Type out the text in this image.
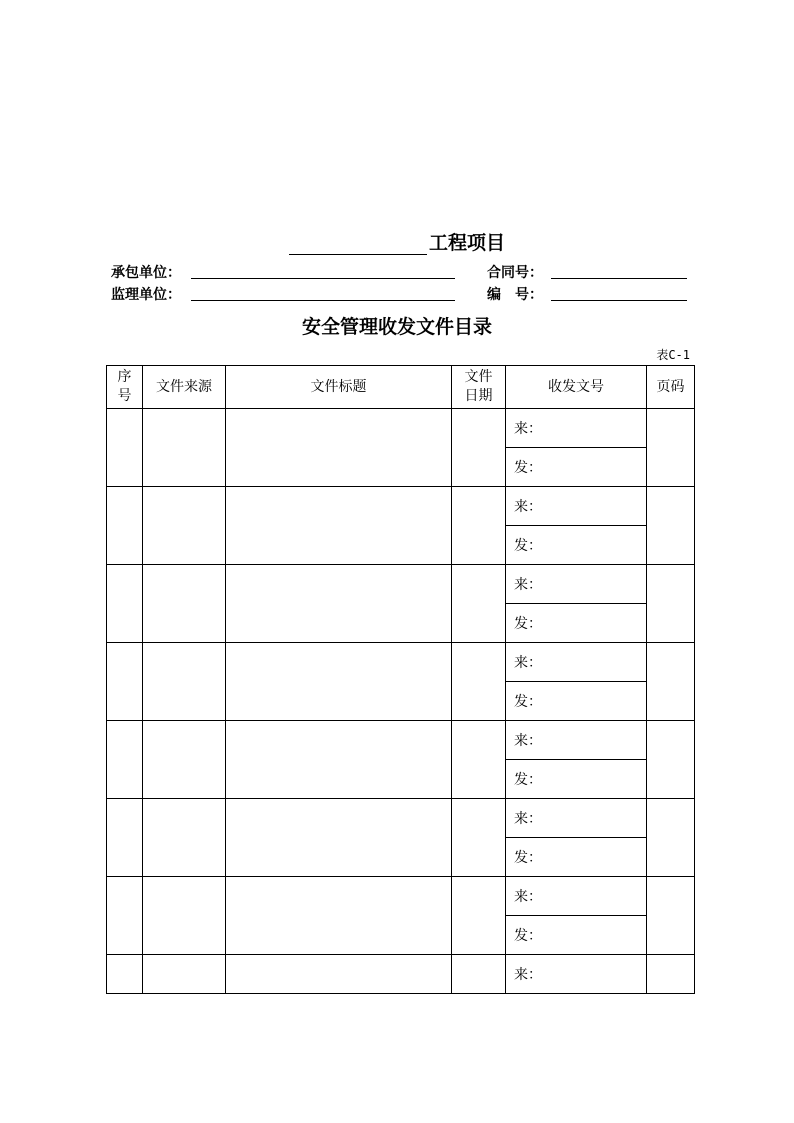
工程项目
承包单位：	合同号：
监理单位：	编　号：
安全管理收发文件目录
表C-1
序号	文件来源	文件标题	文件日期	收发文号	页码
				来：	
				发：	
				来：	
				发：	
				来：	
				发：	
				来：	
				发：	
				来：	
				发：	
				来：	
				发：	
				来：	
				发：	
				来：	
